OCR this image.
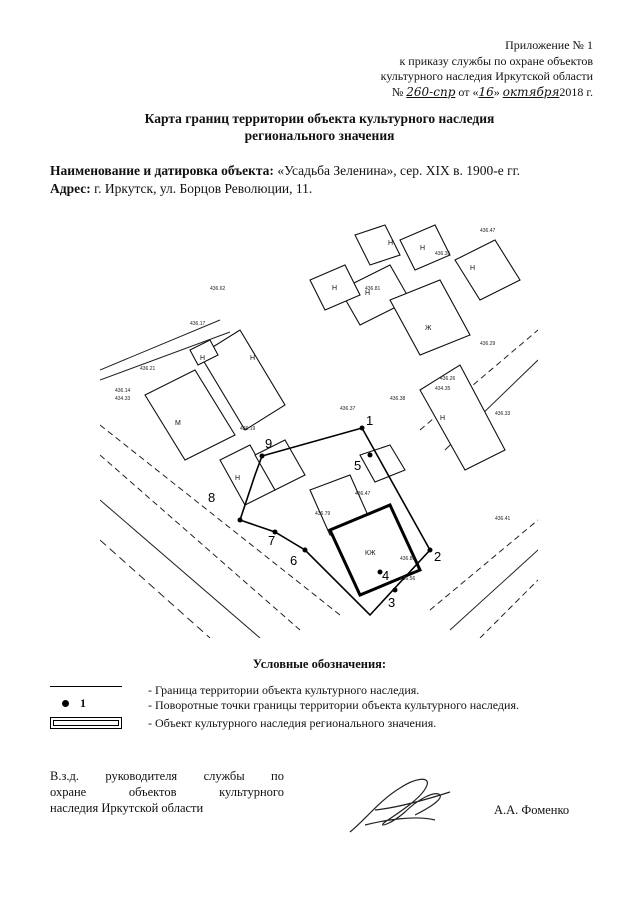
Приложение № 1
к приказу службы по охране объектов
культурного наследия Иркутской области
№ 260-спр от «16» октября2018 г.
Карта границ территории объекта культурного наследия
регионального значения
Наименование и датировка объекта: «Усадьба Зеленина», сер. XIX в. 1900-е гг.
Адрес: г. Иркутск, ул. Борцов Революции, 11.
1
2
3
4
5
6
7
8
9
Н
Н
Н
Н
Н
Н
Н
Ж
КЖ
М
Н
Н
436.35
436.47
436.81
436.62
436.17
436.21
436.14
434.33
436.19
436.38
436.26
436.37
436.29
434.35
436.33
436.41
436.86
436.56
436.47
436.79
Условные обозначения:
- Граница территории объекта культурного наследия.
1	- Поворотные точки границы территории объекта культурного наследия.
- Объект культурного наследия регионального значения.
В.з.д. руководителя службы по
охране объектов культурного
наследия Иркутской области	А.А. Фоменко
